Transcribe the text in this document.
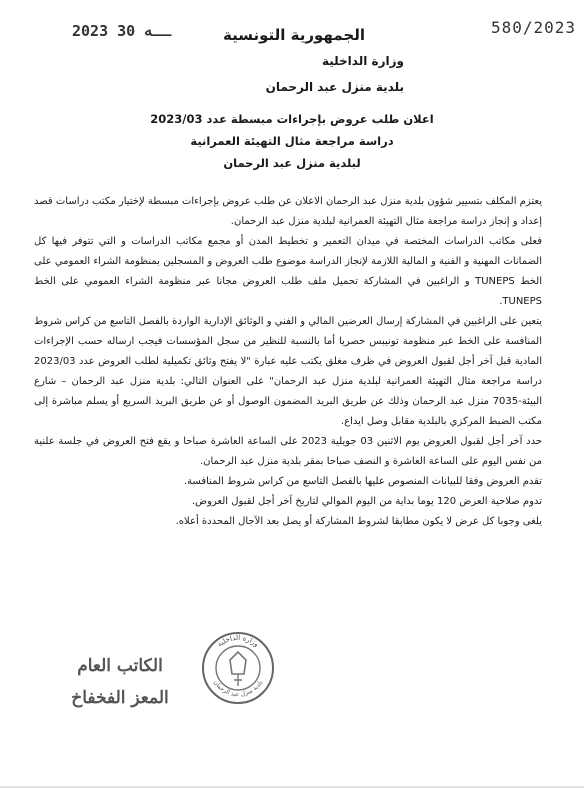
2023 ــه 30	580/2023
الجمهورية التونسية
وزارة الداخلية
بلدية منزل عبد الرحمان
اعلان طلب عروض بإجراءات مبسطة عدد 2023/03
دراسة مراجعة مثال التهيئة العمرانية
لبلدية منزل عبد الرحمان

يعتزم المكلف بتسيير شؤون بلدية منزل عبد الرحمان الاعلان عن طلب عروض بإجراءات مبسطة لإختيار مكتب دراسات قصد إعداد و إنجاز دراسة مراجعة مثال التهيئة العمرانية لبلدية منزل عبد الرحمان.

فعلى مكاتب الدراسات المختصة في ميدان التعمير و تخطيط المدن أو مجمع مكاتب الدراسات و التي تتوفر فيها كل الضمانات المهنية و الفنية و المالية اللازمة لإنجاز الدراسة موضوع طلب العروض و المسجلين بمنظومة الشراء العمومي على الخط TUNEPS و الراغبين في المشاركة تحميل ملف طلب العروض مجانا عبر منظومة الشراء العمومي على الخط TUNEPS.

يتعين على الراغبين في المشاركة إرسال العرضين المالي و الفني و الوثائق الإدارية الواردة بالفصل التاسع من كراس شروط المنافسة على الخط عبر منظومة تونيبس حصريا أما بالنسبة للنظير من سجل المؤسسات فيجب ارساله حسب الإجراءات المادية قبل آخر أجل لقبول العروض في ظرف مغلق يكتب عليه عبارة "لا يفتح وثائق تكميلية لطلب العروض عدد 2023/03 دراسة مراجعة مثال التهيئة العمرانية لبلدية منزل عبد الرحمان" على العنوان التالي: بلدية منزل عبد الرحمان – شارع البيئة-7035 منزل عبد الرحمان وذلك عن طريق البريد المضمون الوصول أو عن طريق البريد السريع أو يسلم مباشرة إلى مكتب الضبط المركزي بالبلدية مقابل وصل ايداع.

حدد آخر أجل لقبول العروض يوم الاثنين 03 جويلية 2023 على الساعة العاشرة صباحا و يقع فتح العروض في جلسة علنية من نفس اليوم على الساعة العاشرة و النصف صباحا بمقر بلدية منزل عبد الرحمان.

تقدم العروض وفقا للبيانات المنصوص عليها بالفصل التاسع من كراس شروط المنافسة.

تدوم صلاحية العرض 120 يوما بداية من اليوم الموالي لتاريخ آخر أجل لقبول العروض.

يلغى وجوبا كل عرض لا يكون مطابقا لشروط المشاركة أو يصل بعد الآجال المحددة أعلاه.

الكاتب العام
المعز الفخفاخ
وزارة الداخلية
بلدية منزل عبد الرحمان
